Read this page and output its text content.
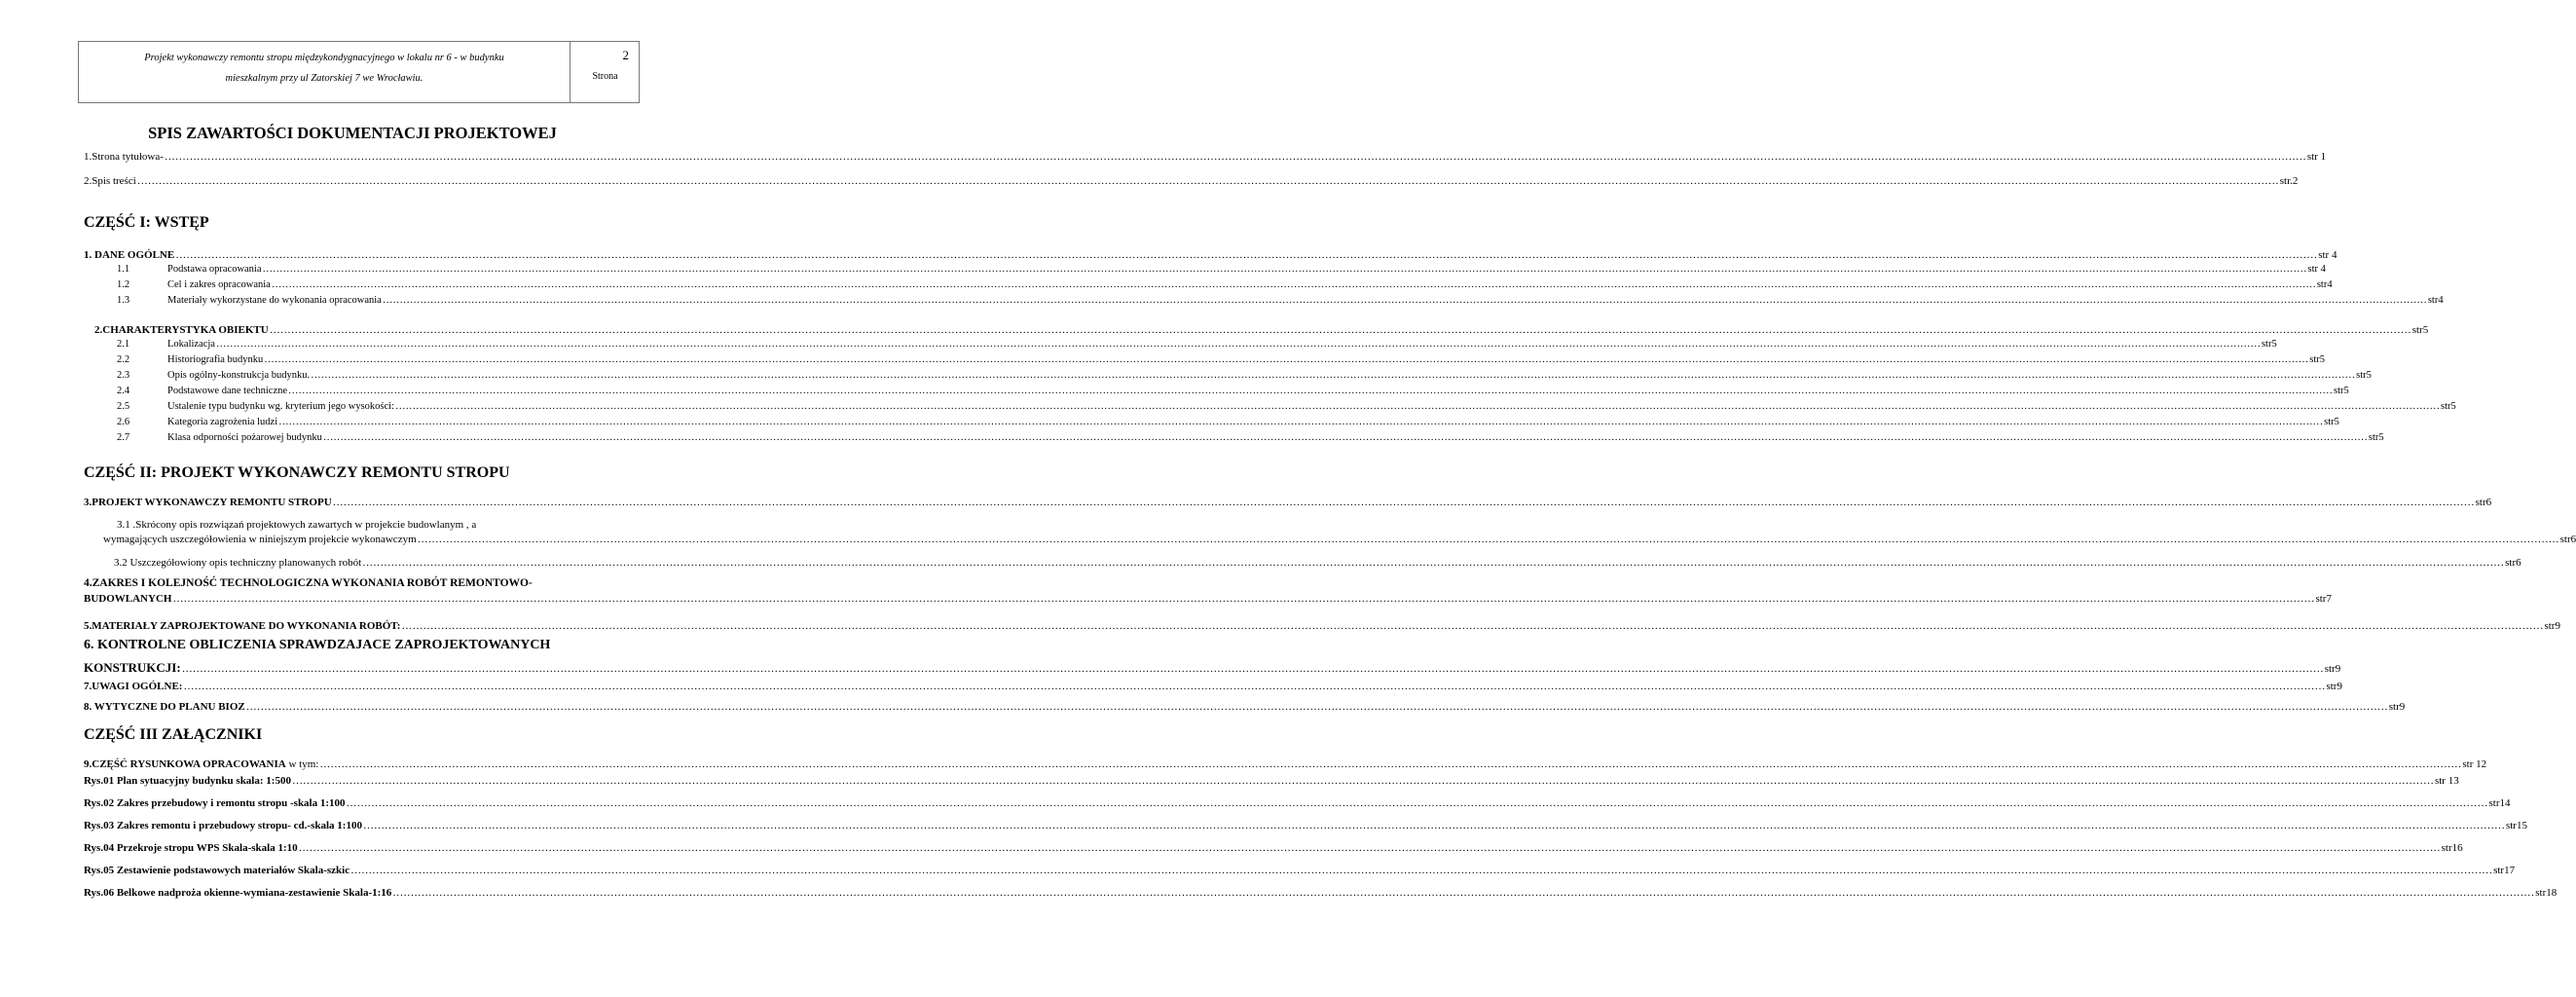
Projekt wykonawczy remontu stropu międzykondygnacyjnego w lokalu nr 6 - w budynku
mieszkalnym przy ul Zatorskiej 7 we Wrocławiu.
2
Strona
SPIS ZAWARTOŚCI DOKUMENTACJI PROJEKTOWEJ
1.Strona tytułowa- …………………………………………………………………………………………………………………………………………………………………………………………………………………………………………………………………………………………………………………………………………………………………………………………………………………………………………………………………………………………………………………………………………………… str 1
2.Spis treści …………………………………………………………………………………………………………………………………………………………………………………………………………………………………………………………………………………………………………………………………………………………………………………………………………………………………………………………………………………………………………………………………………………… str.2
CZĘŚĆ I: WSTĘP
1. DANE OGÓLNE …………………………………………………………………………………………………………………………………………………………………………………………………………………………………………………………………………………………………………………………………………………………………………………………………………………………………………………………………………………………………………………………………………………… str 4
1.1	Podstawa opracowania …………………………………………………………………………………………………………………………………………………………………………………………………………………………………………………………………………………………………………………………………………………………………………………………………………………………………………………………………………………………………………………………………………………… str 4
1.2	Cel i zakres opracowania …………………………………………………………………………………………………………………………………………………………………………………………………………………………………………………………………………………………………………………………………………………………………………………………………………………………………………………………………………………………………………………………………………………… str4
1.3	Materiały wykorzystane do wykonania opracowania …………………………………………………………………………………………………………………………………………………………………………………………………………………………………………………………………………………………………………………………………………………………………………………………………………………………………………………………………………………………………………………………………………………… str4
2.CHARAKTERYSTYKA OBIEKTU …………………………………………………………………………………………………………………………………………………………………………………………………………………………………………………………………………………………………………………………………………………………………………………………………………………………………………………………………………………………………………………………………………………… str5
2.1	Lokalizacja …………………………………………………………………………………………………………………………………………………………………………………………………………………………………………………………………………………………………………………………………………………………………………………………………………………………………………………………………………………………………………………………………………………… str5
2.2	Historiografia budynku …………………………………………………………………………………………………………………………………………………………………………………………………………………………………………………………………………………………………………………………………………………………………………………………………………………………………………………………………………………………………………………………………………………… str5
2.3	Opis ogólny-konstrukcja budynku. …………………………………………………………………………………………………………………………………………………………………………………………………………………………………………………………………………………………………………………………………………………………………………………………………………………………………………………………………………………………………………………………………………………… str5
2.4	Podstawowe dane techniczne …………………………………………………………………………………………………………………………………………………………………………………………………………………………………………………………………………………………………………………………………………………………………………………………………………………………………………………………………………………………………………………………………………………… str5
2.5	Ustalenie typu budynku wg. kryterium jego wysokości: …………………………………………………………………………………………………………………………………………………………………………………………………………………………………………………………………………………………………………………………………………………………………………………………………………………………………………………………………………………………………………………………………………………… str5
2.6	Kategoria zagrożenia ludzi …………………………………………………………………………………………………………………………………………………………………………………………………………………………………………………………………………………………………………………………………………………………………………………………………………………………………………………………………………………………………………………………………………………… str5
2.7	Klasa odporności pożarowej budynku …………………………………………………………………………………………………………………………………………………………………………………………………………………………………………………………………………………………………………………………………………………………………………………………………………………………………………………………………………………………………………………………………………………… str5
CZĘŚĆ II: PROJEKT WYKONAWCZY REMONTU STROPU
3.PROJEKT WYKONAWCZY REMONTU STROPU …………………………………………………………………………………………………………………………………………………………………………………………………………………………………………………………………………………………………………………………………………………………………………………………………………………………………………………………………………………………………………………………………………………… str6
3.1 .Skrócony opis rozwiązań projektowych zawartych w projekcie budowlanym , a
wymagających uszczegółowienia w niniejszym projekcie wykonawczym …………………………………………………………………………………………………………………………………………………………………………………………………………………………………………………………………………………………………………………………………………………………………………………………………………………………………………………………………………………………………………………………………………………… str6
3.2 Uszczegółowiony opis techniczny planowanych robót …………………………………………………………………………………………………………………………………………………………………………………………………………………………………………………………………………………………………………………………………………………………………………………………………………………………………………………………………………………………………………………………………………………… str6
4.ZAKRES I KOLEJNOŚĆ TECHNOLOGICZNA WYKONANIA ROBÓT REMONTOWO-
BUDOWLANYCH …………………………………………………………………………………………………………………………………………………………………………………………………………………………………………………………………………………………………………………………………………………………………………………………………………………………………………………………………………………………………………………………………………………… str7
5.MATERIAŁY ZAPROJEKTOWANE DO WYKONANIA ROBÓT: …………………………………………………………………………………………………………………………………………………………………………………………………………………………………………………………………………………………………………………………………………………………………………………………………………………………………………………………………………………………………………………………………………………… str9
6. KONTROLNE OBLICZENIA SPRAWDZAJACE ZAPROJEKTOWANYCH
KONSTRUKCJI: …………………………………………………………………………………………………………………………………………………………………………………………………………………………………………………………………………………………………………………………………………………………………………………………………………………………………………………………………………………………………………………………………………………… str9
7.UWAGI OGÓLNE: …………………………………………………………………………………………………………………………………………………………………………………………………………………………………………………………………………………………………………………………………………………………………………………………………………………………………………………………………………………………………………………………………………………… str9
8. WYTYCZNE DO PLANU BIOZ …………………………………………………………………………………………………………………………………………………………………………………………………………………………………………………………………………………………………………………………………………………………………………………………………………………………………………………………………………………………………………………………………………………… str9
CZĘŚĆ III ZAŁĄCZNIKI
9.CZĘŚĆ RYSUNKOWA OPRACOWANIA w tym: …………………………………………………………………………………………………………………………………………………………………………………………………………………………………………………………………………………………………………………………………………………………………………………………………………………………………………………………………………………………………………………………………………………… str 12
Rys.01 Plan sytuacyjny budynku skala: 1:500 …………………………………………………………………………………………………………………………………………………………………………………………………………………………………………………………………………………………………………………………………………………………………………………………………………………………………………………………………………………………………………………………………………………… str 13
Rys.02 Zakres przebudowy i remontu stropu -skala 1:100 …………………………………………………………………………………………………………………………………………………………………………………………………………………………………………………………………………………………………………………………………………………………………………………………………………………………………………………………………………………………………………………………………………………… str14
Rys.03 Zakres remontu i przebudowy stropu- cd.-skala 1:100 …………………………………………………………………………………………………………………………………………………………………………………………………………………………………………………………………………………………………………………………………………………………………………………………………………………………………………………………………………………………………………………………………………………… str15
Rys.04 Przekroje stropu WPS Skala-skala 1:10 …………………………………………………………………………………………………………………………………………………………………………………………………………………………………………………………………………………………………………………………………………………………………………………………………………………………………………………………………………………………………………………………………………………… str16
Rys.05 Zestawienie podstawowych materiałów Skala-szkic …………………………………………………………………………………………………………………………………………………………………………………………………………………………………………………………………………………………………………………………………………………………………………………………………………………………………………………………………………………………………………………………………………………… str17
Rys.06 Belkowe nadproża okienne-wymiana-zestawienie Skala-1:16 …………………………………………………………………………………………………………………………………………………………………………………………………………………………………………………………………………………………………………………………………………………………………………………………………………………………………………………………………………………………………………………………………………………… str18
